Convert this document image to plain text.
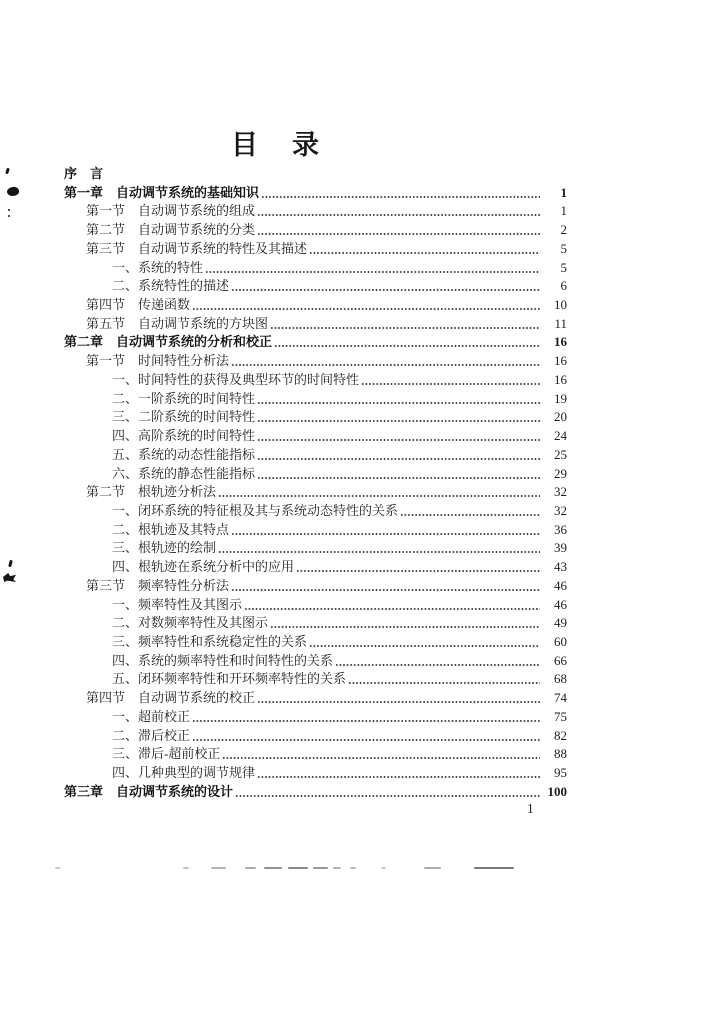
目 录
序　言
第一章　自动调节系统的基础知识	1
第一节　自动调节系统的组成	1
第二节　自动调节系统的分类	2
第三节　自动调节系统的特性及其描述	5
一、系统的特性	5
二、系统特性的描述	6
第四节　传递函数	10
第五节　自动调节系统的方块图	11
第二章　自动调节系统的分析和校正	16
第一节　时间特性分析法	16
一、时间特性的获得及典型环节的时间特性	16
二、一阶系统的时间特性	19
三、二阶系统的时间特性	20
四、高阶系统的时间特性	24
五、系统的动态性能指标	25
六、系统的静态性能指标	29
第二节　根轨迹分析法	32
一、闭环系统的特征根及其与系统动态特性的关系	32
二、根轨迹及其特点	36
三、根轨迹的绘制	39
四、根轨迹在系统分析中的应用	43
第三节　频率特性分析法	46
一、频率特性及其图示	46
二、对数频率特性及其图示	49
三、频率特性和系统稳定性的关系	60
四、系统的频率特性和时间特性的关系	66
五、闭环频率特性和开环频率特性的关系	68
第四节　自动调节系统的校正	74
一、超前校正	75
二、滞后校正	82
三、滞后-超前校正	88
四、几种典型的调节规律	95
第三章　自动调节系统的设计	100
1
